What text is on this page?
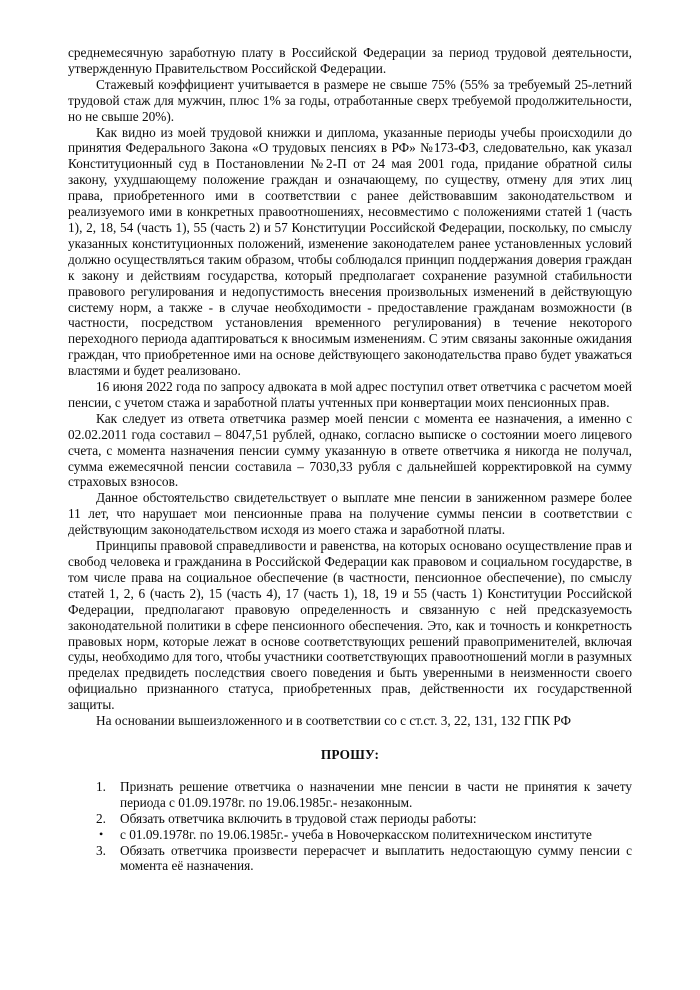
среднемесячную заработную плату в Российской Федерации за период трудовой деятельности, утвержденную Правительством Российской Федерации.

Стажевый коэффициент учитывается в размере не свыше 75% (55% за требуемый 25-летний трудовой стаж для мужчин, плюс 1% за годы, отработанные сверх требуемой продолжительности, но не свыше 20%).

Как видно из моей трудовой книжки и диплома, указанные периоды учебы происходили до принятия Федерального Закона «О трудовых пенсиях в РФ» №173-ФЗ, следовательно, как указал Конституционный суд в Постановлении №2-П от 24 мая 2001 года, придание обратной силы закону, ухудшающему положение граждан и означающему, по существу, отмену для этих лиц права, приобретенного ими в соответствии с ранее действовавшим законодательством и реализуемого ими в конкретных правоотношениях, несовместимо с положениями статей 1 (часть 1), 2, 18, 54 (часть 1), 55 (часть 2) и 57 Конституции Российской Федерации, поскольку, по смыслу указанных конституционных положений, изменение законодателем ранее установленных условий должно осуществляться таким образом, чтобы соблюдался принцип поддержания доверия граждан к закону и действиям государства, который предполагает сохранение разумной стабильности правового регулирования и недопустимость внесения произвольных изменений в действующую систему норм, а также - в случае необходимости - предоставление гражданам возможности (в частности, посредством установления временного регулирования) в течение некоторого переходного периода адаптироваться к вносимым изменениям. С этим связаны законные ожидания граждан, что приобретенное ими на основе действующего законодательства право будет уважаться властями и будет реализовано.

16 июня 2022 года по запросу адвоката в мой адрес поступил ответ ответчика с расчетом моей пенсии, с учетом стажа и заработной платы учтенных при конвертации моих пенсионных прав.

Как следует из ответа ответчика размер моей пенсии с момента ее назначения, а именно с 02.02.2011 года составил – 8047,51 рублей, однако, согласно выписке о состоянии моего лицевого счета, с момента назначения пенсии сумму указанную в ответе ответчика я никогда не получал, сумма ежемесячной пенсии составила – 7030,33 рубля с дальнейшей корректировкой на сумму страховых взносов.

Данное обстоятельство свидетельствует о выплате мне пенсии в заниженном размере более 11 лет, что нарушает мои пенсионные права на получение суммы пенсии в соответствии с действующим законодательством исходя из моего стажа и заработной платы.

Принципы правовой справедливости и равенства, на которых основано осуществление прав и свобод человека и гражданина в Российской Федерации как правовом и социальном государстве, в том числе права на социальное обеспечение (в частности, пенсионное обеспечение), по смыслу статей 1, 2, 6 (часть 2), 15 (часть 4), 17 (часть 1), 18, 19 и 55 (часть 1) Конституции Российской Федерации, предполагают правовую определенность и связанную с ней предсказуемость законодательной политики в сфере пенсионного обеспечения. Это, как и точность и конкретность правовых норм, которые лежат в основе соответствующих решений правоприменителей, включая суды, необходимо для того, чтобы участники соответствующих правоотношений могли в разумных пределах предвидеть последствия своего поведения и быть уверенными в неизменности своего официально признанного статуса, приобретенных прав, действенности их государственной защиты.

На основании вышеизложенного и в соответствии со с ст.ст. 3, 22, 131, 132 ГПК РФ

ПРОШУ:
Признать решение ответчика о назначении мне пенсии в части не принятия к зачету периода с 01.09.1978г. по 19.06.1985г.- незаконным.
Обязать ответчика включить в трудовой стаж периоды работы:
• с 01.09.1978г. по 19.06.1985г.- учеба в Новочеркасском политехническом институте
Обязать ответчика произвести перерасчет и выплатить недостающую сумму пенсии с момента её назначения.
